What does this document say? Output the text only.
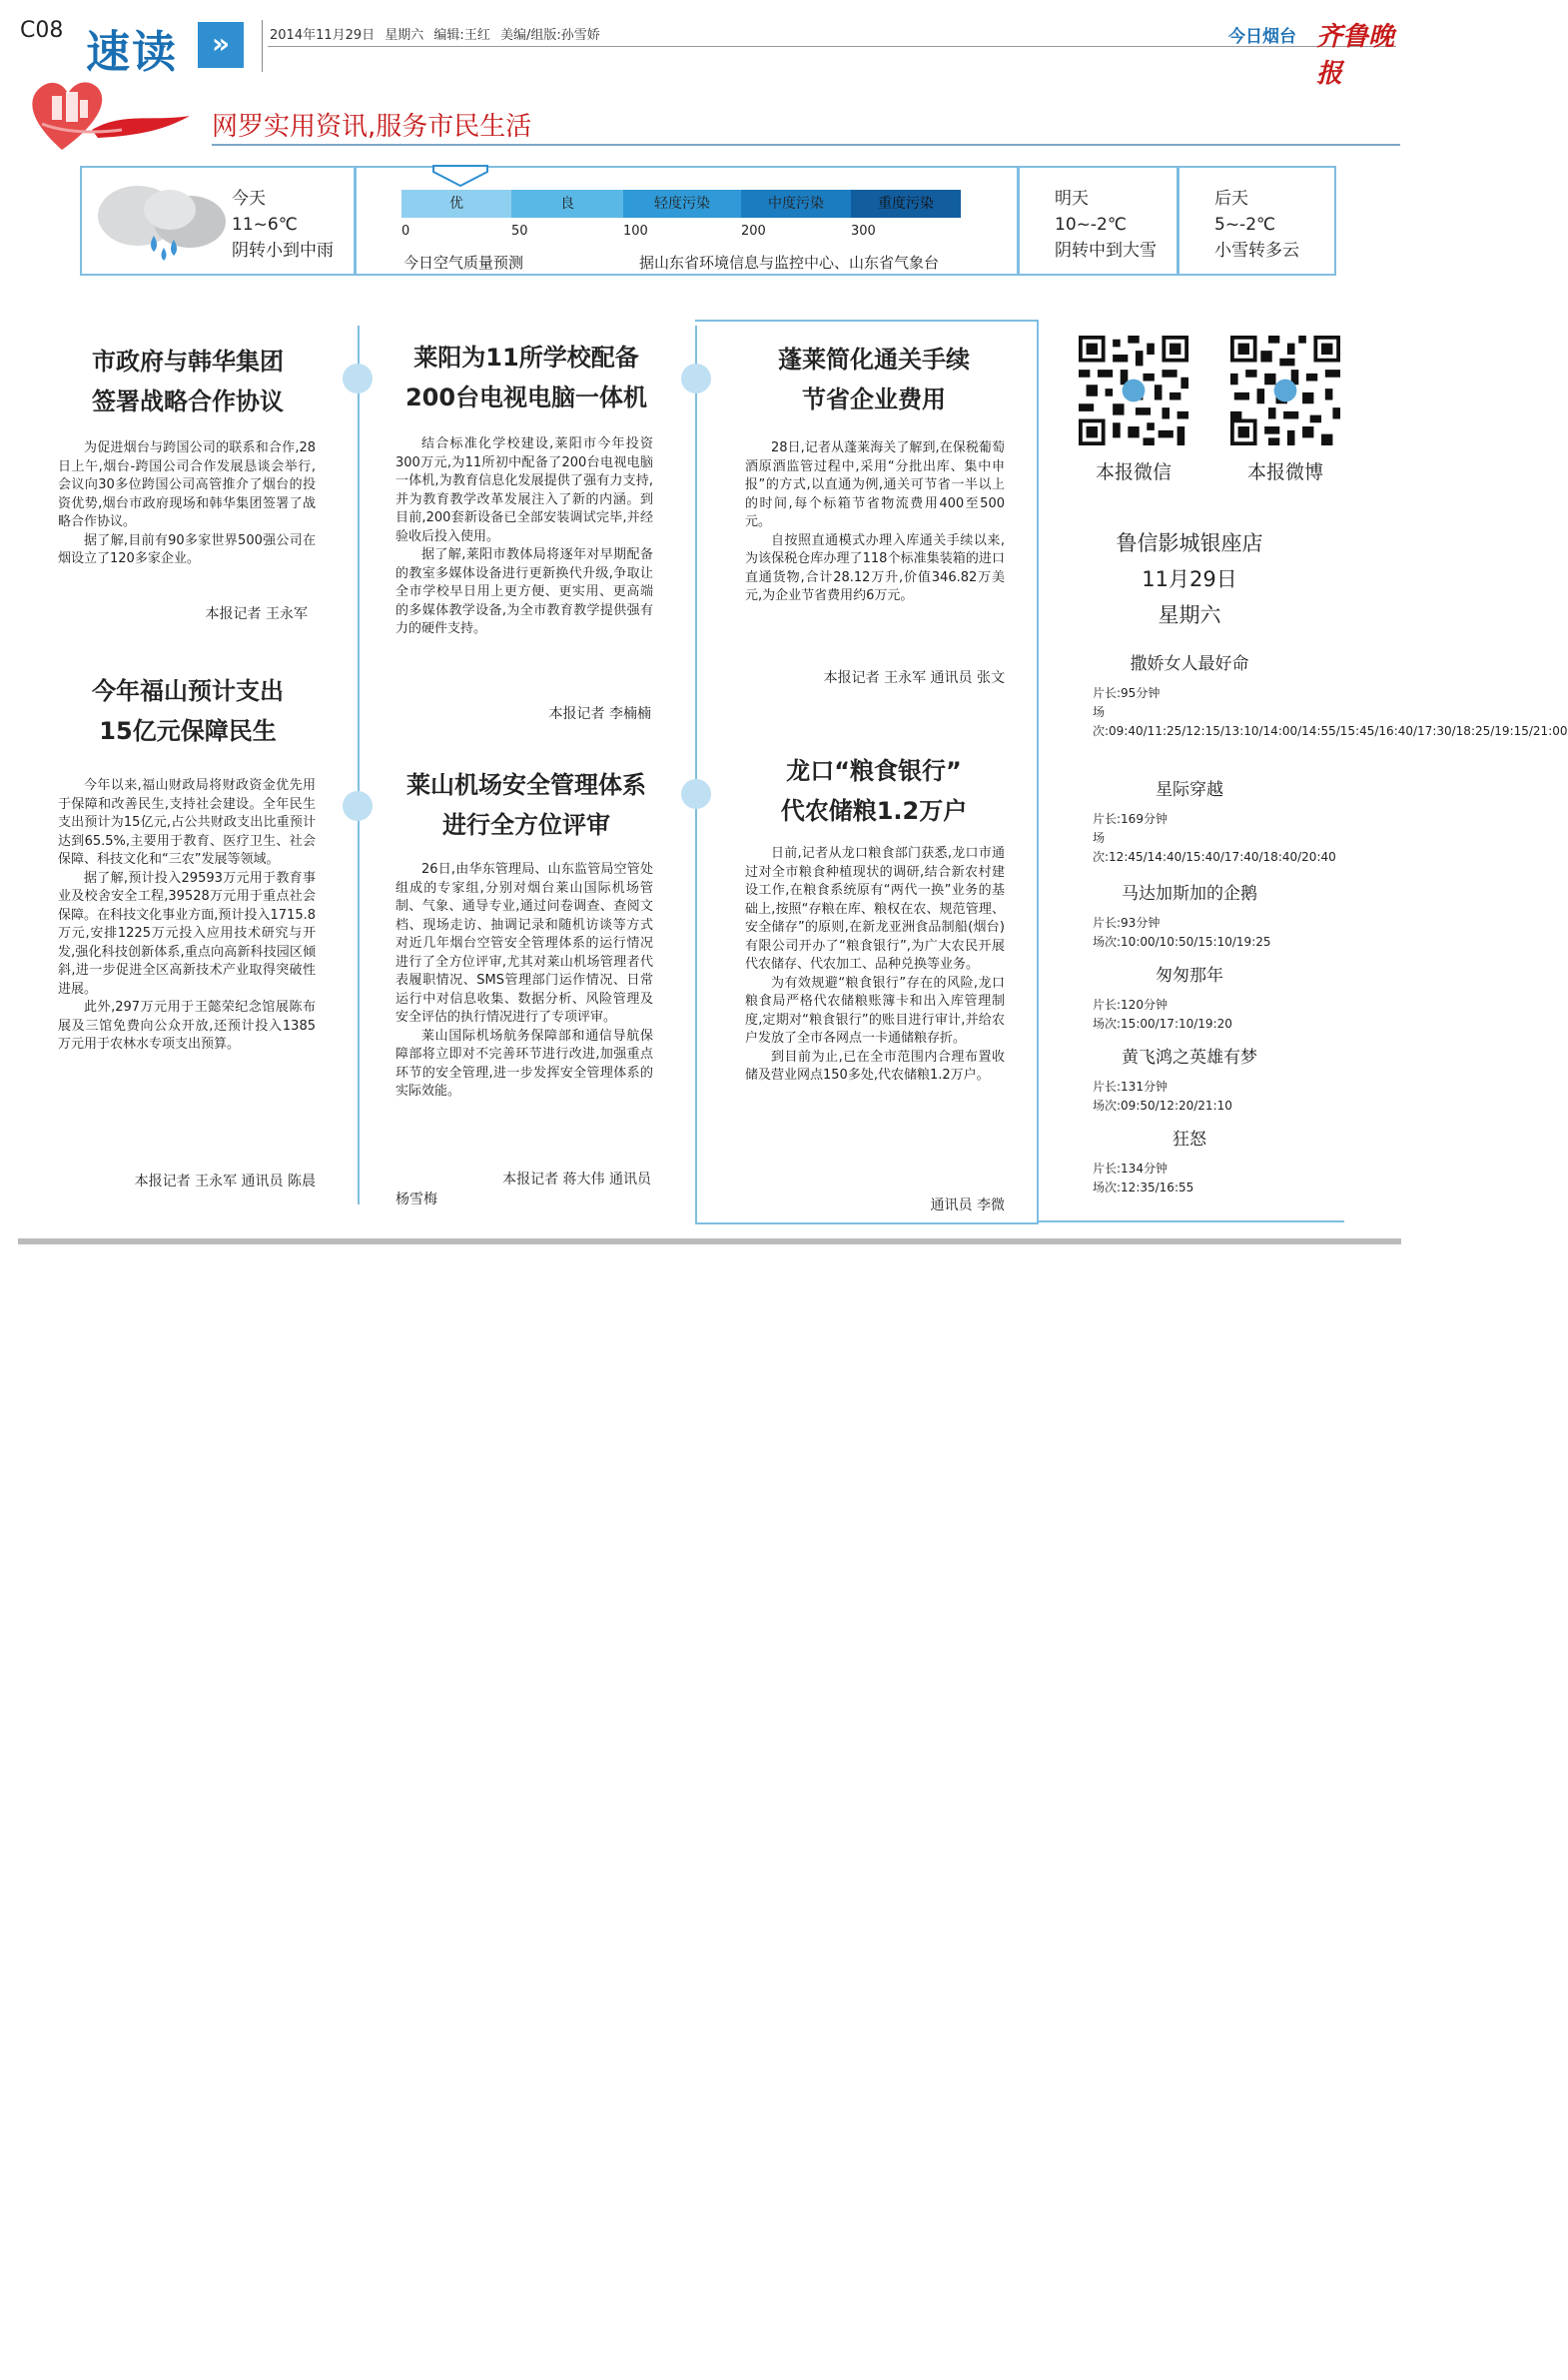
C08 速读	»	2014年11月29日 星期六 编辑:王红 美编/组版:孙雪娇	今日烟台 齐鲁晚报
网罗实用资讯,服务市民生活
今天
11~6℃
阴转小到中雨
优	良	轻度污染	中度污染	重度污染
0	50	100	200	300
今日空气质量预测	据山东省环境信息与监控中心、山东省气象台
明天
10~-2℃
阴转中到大雪
后天
5~-2℃
小雪转多云
市政府与韩华集团
签署战略合作协议

为促进烟台与跨国公司的联系和合作,28日上午,烟台-跨国公司合作发展恳谈会举行,会议向30多位跨国公司高管推介了烟台的投资优势,烟台市政府现场和韩华集团签署了战略合作协议。

据了解,目前有90多家世界500强公司在烟设立了120多家企业。

本报记者 王永军
今年福山预计支出
15亿元保障民生

今年以来,福山财政局将财政资金优先用于保障和改善民生,支持社会建设。全年民生支出预计为15亿元,占公共财政支出比重预计达到65.5%,主要用于教育、医疗卫生、社会保障、科技文化和“三农”发展等领域。

据了解,预计投入29593万元用于教育事业及校舍安全工程,39528万元用于重点社会保障。在科技文化事业方面,预计投入1715.8万元,安排1225万元投入应用技术研究与开发,强化科技创新体系,重点向高新科技园区倾斜,进一步促进全区高新技术产业取得突破性进展。

此外,297万元用于王懿荣纪念馆展陈布展及三馆免费向公众开放,还预计投入1385万元用于农林水专项支出预算。

本报记者 王永军 通讯员 陈晨
莱阳为11所学校配备
200台电视电脑一体机

结合标准化学校建设,莱阳市今年投资300万元,为11所初中配备了200台电视电脑一体机,为教育信息化发展提供了强有力支持,并为教育教学改革发展注入了新的内涵。到目前,200套新设备已全部安装调试完毕,并经验收后投入使用。

据了解,莱阳市教体局将逐年对早期配备的教室多媒体设备进行更新换代升级,争取让全市学校早日用上更方便、更实用、更高端的多媒体教学设备,为全市教育教学提供强有力的硬件支持。

本报记者 李楠楠
莱山机场安全管理体系
进行全方位评审

26日,由华东管理局、山东监管局空管处组成的专家组,分别对烟台莱山国际机场管制、气象、通导专业,通过问卷调查、查阅文档、现场走访、抽调记录和随机访谈等方式对近几年烟台空管安全管理体系的运行情况进行了全方位评审,尤其对莱山机场管理者代表履职情况、SMS管理部门运作情况、日常运行中对信息收集、数据分析、风险管理及安全评估的执行情况进行了专项评审。

莱山国际机场航务保障部和通信导航保障部将立即对不完善环节进行改进,加强重点环节的安全管理,进一步发挥安全管理体系的实际效能。

本报记者 蒋大伟 通讯员
杨雪梅
蓬莱简化通关手续
节省企业费用

28日,记者从蓬莱海关了解到,在保税葡萄酒原酒监管过程中,采用“分批出库、集中申报”的方式,以直通为例,通关可节省一半以上的时间,每个标箱节省物流费用400至500元。

自按照直通模式办理入库通关手续以来,为该保税仓库办理了118个标准集装箱的进口直通货物,合计28.12万升,价值346.82万美元,为企业节省费用约6万元。

本报记者 王永军 通讯员 张文
龙口“粮食银行”
代农储粮1.2万户

日前,记者从龙口粮食部门获悉,龙口市通过对全市粮食种植现状的调研,结合新农村建设工作,在粮食系统原有“两代一换”业务的基础上,按照“存粮在库、粮权在农、规范管理、安全储存”的原则,在新龙亚洲食品制船(烟台)有限公司开办了“粮食银行”,为广大农民开展代农储存、代农加工、品种兑换等业务。

为有效规避“粮食银行”存在的风险,龙口粮食局严格代农储粮账簿卡和出入库管理制度,定期对“粮食银行”的账目进行审计,并给农户发放了全市各网点一卡通储粮存折。

到目前为止,已在全市范围内合理布置收储及营业网点150多处,代农储粮1.2万户。

通讯员 李微
本报微信	本报微博
鲁信影城银座店
11月29日
星期六
撒娇女人最好命
片长:95分钟
场次:09:40/11:25/12:15/13:10/14:00/14:55/15:45/16:40/17:30/18:25/19:15/21:00
星际穿越
片长:169分钟
场次:12:45/14:40/15:40/17:40/18:40/20:40
马达加斯加的企鹅
片长:93分钟
场次:10:00/10:50/15:10/19:25
匆匆那年
片长:120分钟
场次:15:00/17:10/19:20
黄飞鸿之英雄有梦
片长:131分钟
场次:09:50/12:20/21:10
狂怒
片长:134分钟
场次:12:35/16:55
